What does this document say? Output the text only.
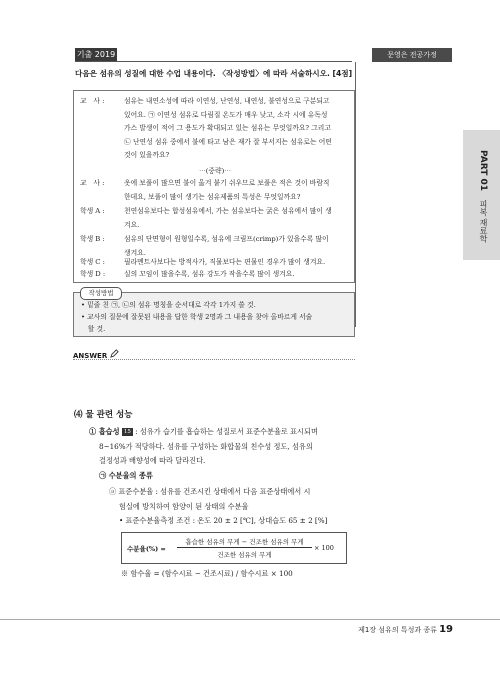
문영은 전공가정
PART 01 피복 재료학
기출 2019
다음은 섬유의 성질에 대한 수업 내용이다. 〈작성방법〉에 따라 서술하시오. [4점]
교　사 :	섬유는 내연소성에 따라 이연성, 난연성, 내연성, 불연성으로 구분되고
있어요. ㉠ 이연성 섬유로 다림질 온도가 매우 낮고, 소각 시에 유독성
가스 발생이 적어 그 용도가 확대되고 있는 섬유는 무엇일까요? 그리고
㉡ 난연성 섬유 중에서 불에 타고 남은 재가 잘 부서지는 섬유로는 어떤
것이 있을까요?
⋯(중략)⋯
교　사 :	옷에 보풀이 많으면 불이 옮겨 붙기 쉬우므로 보풀은 적은 것이 바람직
한데요, 보풀이 많이 생기는 섬유제품의 특성은 무엇일까요?
학생 A :	천연섬유보다는 합성섬유에서, 가는 섬유보다는 굵은 섬유에서 많이 생
겨요.
학생 B :	섬유의 단면형이 원형일수록, 섬유에 크림프(crimp)가 있을수록 많이
생겨요.
학생 C :	필라멘트사보다는 방적사가, 직물보다는 편물인 경우가 많이 생겨요.
학생 D :	실의 꼬임이 많을수록, 섬유 강도가 작을수록 많이 생겨요.
• 밑줄 친 ㉠, ㉡의 섬유 명칭을 순서대로 각각 1가지 쓸 것.
• 교사의 질문에 잘못된 내용을 답한 학생 2명과 그 내용을 찾아 올바르게 서술
　할 것.
작성방법
ANSWER
⑷ 물 관련 성능
① 흡습성 15 : 섬유가 습기를 흡습하는 성질로서 표준수분율로 표시되며
8~16%가 적당하다. 섬유를 구성하는 화합물의 친수성 정도, 섬유의
결정성과 배향성에 따라 달라진다.
㉠ 수분율의 종류
ⓐ 표준수분율 : 섬유를 건조시킨 상태에서 다음 표준상태에서 시
험실에 방치하여 함양이 된 상태의 수분율
• 표준수분율측정 조건 : 온도 20 ± 2 [℃], 상대습도 65 ± 2 [%]
수분율(%) =
흡습한 섬유의 무게 − 건조한 섬유의 무게
건조한 섬유의 무게
× 100
※ 함수율 = (함수시료 − 건조시료) / 함수시료 × 100
제1장 섬유의 특성과 종류 19
